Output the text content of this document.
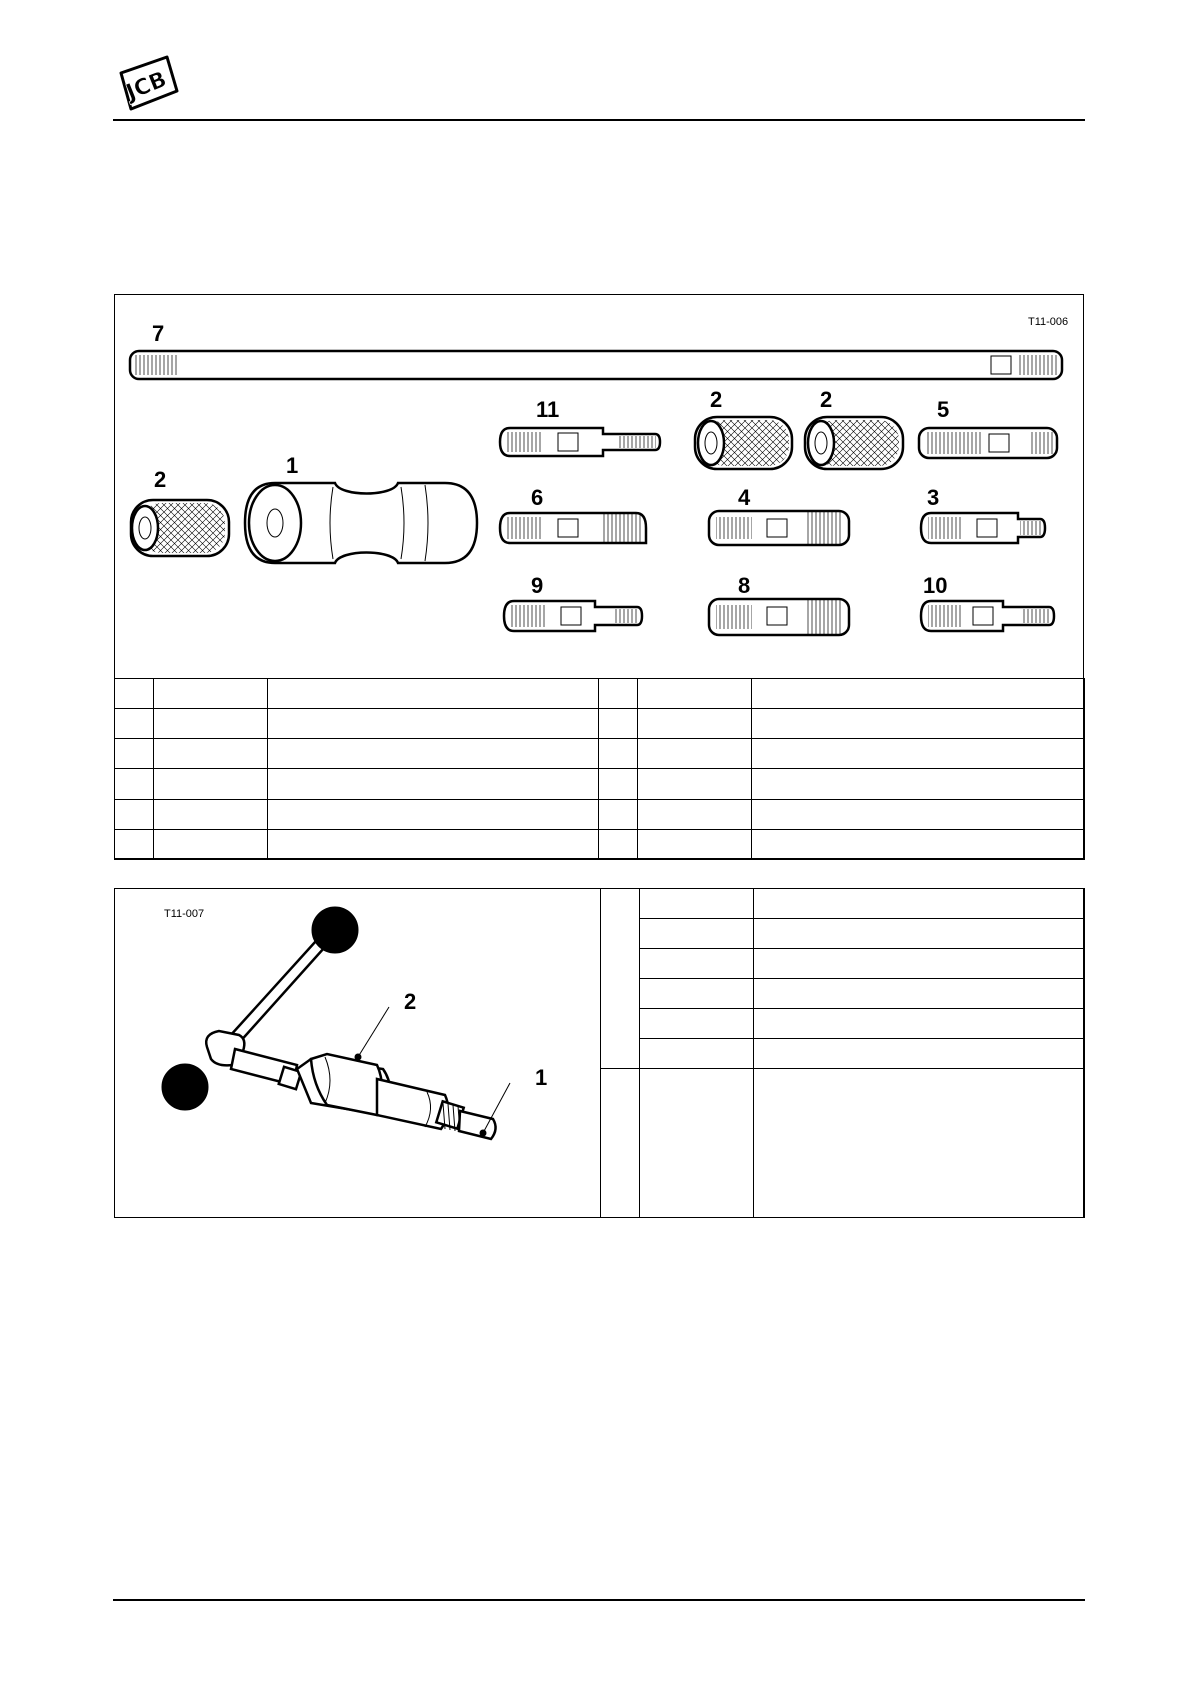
JCB
T11-006
7
11	2	2	5
2
1
6	4	3
9	8	10

T11-007
2
1
